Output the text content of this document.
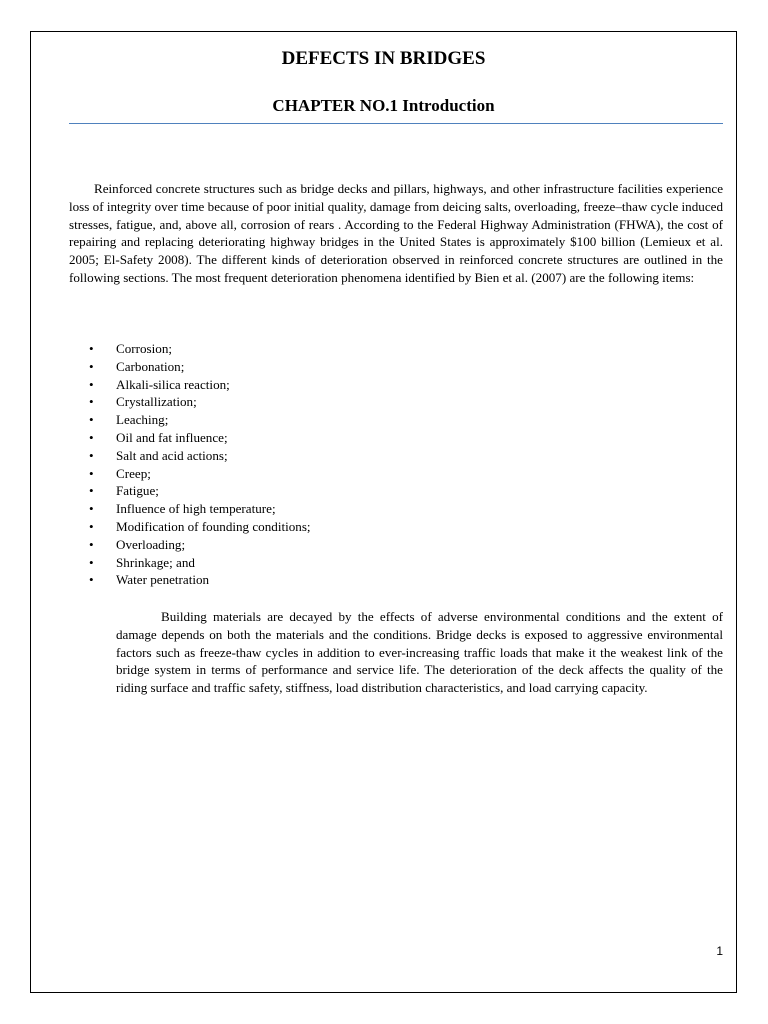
DEFECTS IN BRIDGES
CHAPTER NO.1 Introduction

Reinforced concrete structures such as bridge decks and pillars, highways, and other infrastructure facilities experience loss of integrity over time because of poor initial quality, damage from deicing salts, overloading, freeze–thaw cycle induced stresses, fatigue, and, above all, corrosion of rears . According to the Federal Highway Administration (FHWA), the cost of repairing and replacing deteriorating highway bridges in the United States is approximately $100 billion (Lemieux et al. 2005; El-Safety 2008). The different kinds of deterioration observed in reinforced concrete structures are outlined in the following sections. The most frequent deterioration phenomena identified by Bien et al. (2007) are the following items:

• Corrosion;
• Carbonation;
• Alkali-silica reaction;
• Crystallization;
• Leaching;
• Oil and fat influence;
• Salt and acid actions;
• Creep;
• Fatigue;
• Influence of high temperature;
• Modification of founding conditions;
• Overloading;
• Shrinkage; and
• Water penetration

Building materials are decayed by the effects of adverse environmental conditions and the extent of damage depends on both the materials and the conditions. Bridge decks is exposed to aggressive environmental factors such as freeze-thaw cycles in addition to ever-increasing traffic loads that make it the weakest link of the bridge system in terms of performance and service life. The deterioration of the deck affects the quality of the riding surface and traffic safety, stiffness, load distribution characteristics, and load carrying capacity.

1
